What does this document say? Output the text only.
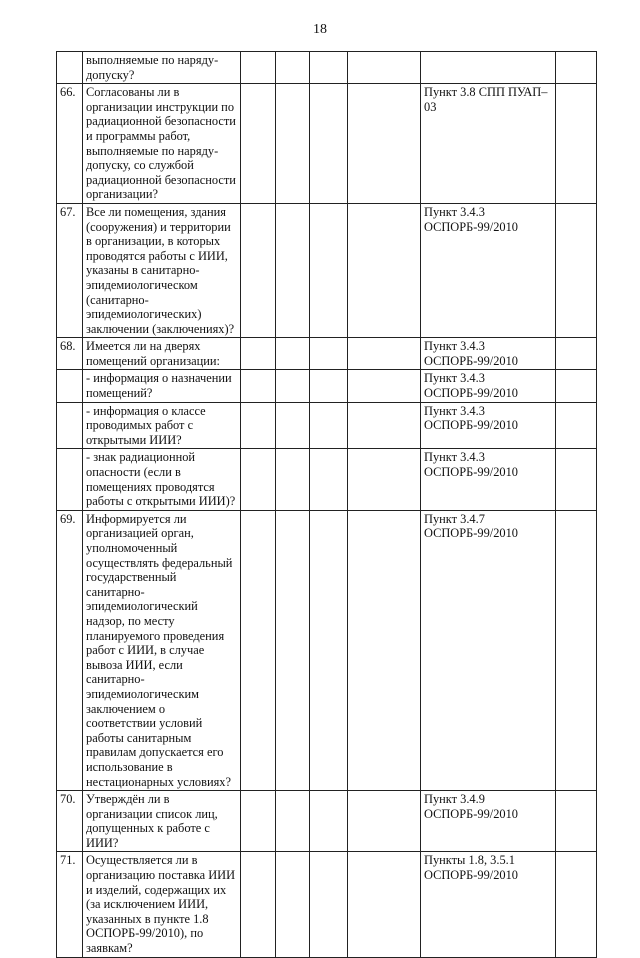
18
	выполняемые по наряду-допуску?						
66.	Согласованы ли в организации инструкции по радиационной безопасности и программы работ, выполняемые по наряду-допуску, со службой радиационной безопасности организации?					Пункт 3.8 СПП ПУАП–03	
67.	Все ли помещения, здания (сооружения) и территории в организации, в которых проводятся работы с ИИИ, указаны в санитарно-эпидемиологическом (санитарно-эпидемиологических) заключении (заключениях)?					Пункт 3.4.3 ОСПОРБ-99/2010	
68.	Имеется ли на дверях помещений организации:					Пункт 3.4.3 ОСПОРБ-99/2010	
	- информация о назначении помещений?					Пункт 3.4.3 ОСПОРБ-99/2010	
	- информация о классе проводимых работ с открытыми ИИИ?					Пункт 3.4.3 ОСПОРБ-99/2010	
	- знак радиационной опасности (если в помещениях проводятся работы с открытыми ИИИ)?					Пункт 3.4.3 ОСПОРБ-99/2010	
69.	Информируется ли организацией орган, уполномоченный осуществлять федеральный государственный санитарно-эпидемиологический надзор, по месту планируемого проведения работ с ИИИ, в случае вывоза ИИИ, если санитарно-эпидемиологическим заключением о соответствии условий работы санитарным правилам допускается его использование в нестационарных условиях?					Пункт 3.4.7 ОСПОРБ-99/2010	
70.	Утверждён ли в организации список лиц, допущенных к работе с ИИИ?					Пункт 3.4.9 ОСПОРБ-99/2010	
71.	Осуществляется ли в организацию поставка ИИИ и изделий, содержащих их (за исключением ИИИ, указанных в пункте 1.8 ОСПОРБ-99/2010), по заявкам?					Пункты 1.8, 3.5.1 ОСПОРБ-99/2010	
